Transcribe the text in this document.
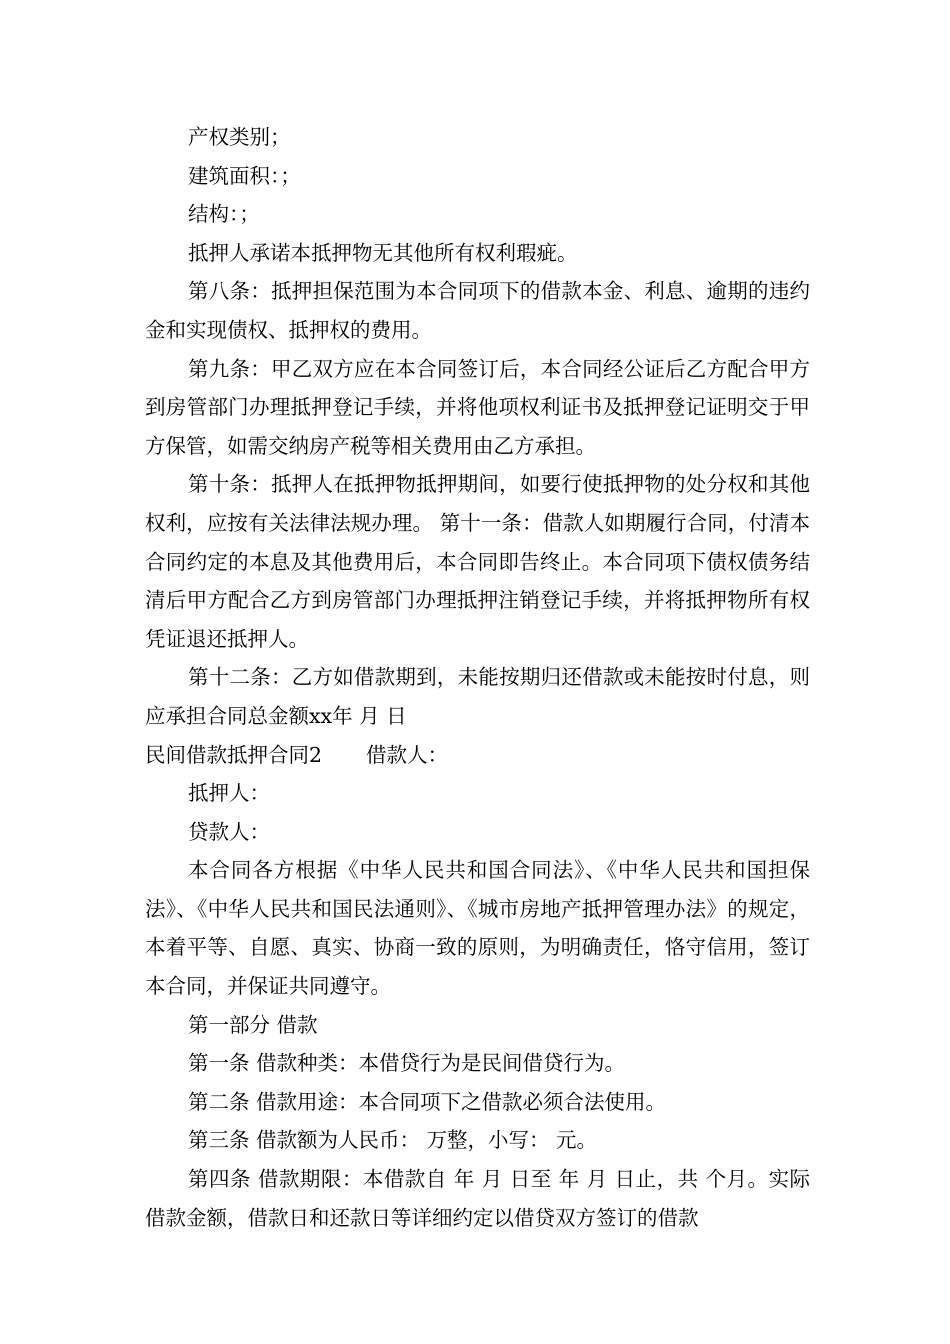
产权类别；

建筑面积：；

结构：；

抵押人承诺本抵押物无其他所有权利瑕疵。

第八条：抵押担保范围为本合同项下的借款本金、利息、逾期的违约金和实现债权、抵押权的费用。

第九条：甲乙双方应在本合同签订后，本合同经公证后乙方配合甲方到房管部门办理抵押登记手续，并将他项权利证书及抵押登记证明交于甲方保管，如需交纳房产税等相关费用由乙方承担。

第十条：抵押人在抵押物抵押期间，如要行使抵押物的处分权和其他权利，应按有关法律法规办理。 第十一条：借款人如期履行合同，付清本合同约定的本息及其他费用后，本合同即告终止。本合同项下债权债务结清后甲方配合乙方到房管部门办理抵押注销登记手续，并将抵押物所有权凭证退还抵押人。

第十二条：乙方如借款期到，未能按期归还借款或未能按时付息，则应承担合同总金额xx年 月 日

民间借款抵押合同2 借款人：

抵押人：

贷款人：

本合同各方根据《中华人民共和国合同法》、《中华人民共和国担保法》、《中华人民共和国民法通则》、《城市房地产抵押管理办法》的规定，本着平等、自愿、真实、协商一致的原则，为明确责任，恪守信用，签订本合同，并保证共同遵守。

第一部分 借款

第一条 借款种类：本借贷行为是民间借贷行为。

第二条 借款用途：本合同项下之借款必须合法使用。

第三条 借款额为人民币： 万整，小写： 元。

第四条 借款期限：本借款自 年 月 日至 年 月 日止，共 个月。实际借款金额，借款日和还款日等详细约定以借贷双方签订的借款
